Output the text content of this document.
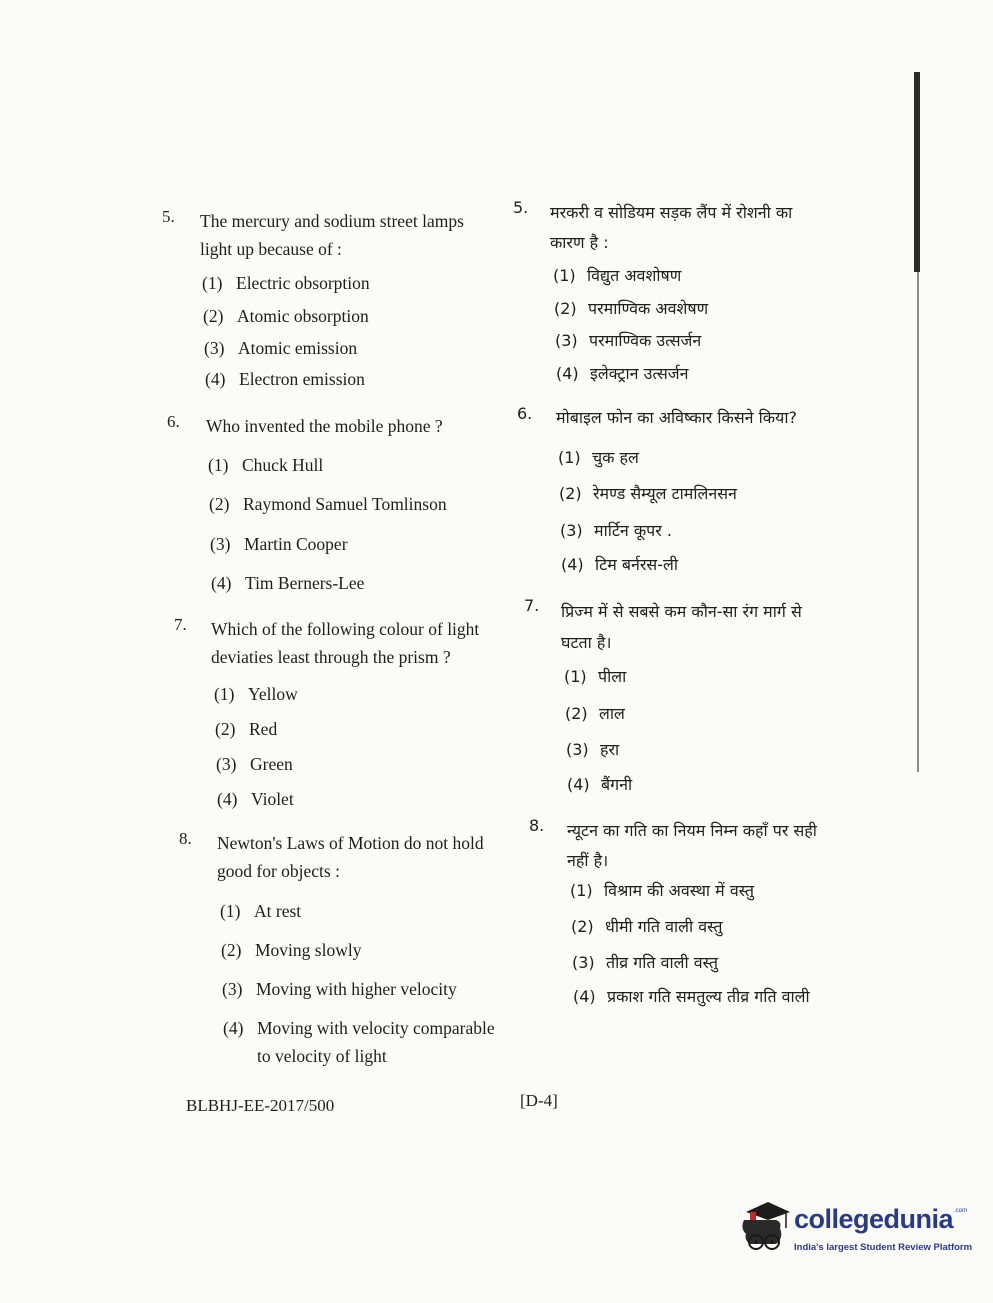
5. The mercury and sodium street lamps
light up because of :
(1) Electric obsorption
(2) Atomic obsorption
(3) Atomic emission
(4) Electron emission
6. Who invented the mobile phone ?
(1) Chuck Hull
(2) Raymond Samuel Tomlinson
(3) Martin Cooper
(4) Tim Berners-Lee
7. Which of the following colour of light
deviaties least through the prism ?
(1) Yellow
(2) Red
(3) Green
(4) Violet
8. Newton's Laws of Motion do not hold
good for objects :
(1) At rest
(2) Moving slowly
(3) Moving with higher velocity
(4) Moving with velocity comparable
to velocity of light
5. मरकरी व सोडियम सड़क लैंप में रोशनी का
कारण है :
(1) विद्युत अवशोषण
(2) परमाण्विक अवशेषण
(3) परमाण्विक उत्सर्जन
(4) इलेक्ट्रान उत्सर्जन
6. मोबाइल फोन का अविष्कार किसने किया?
(1) चुक हल
(2) रेमण्ड सैम्यूल टामलिनसन
(3) मार्टिन कूपर .
(4) टिम बर्नरस-ली
7. प्रिज्म में से सबसे कम कौन-सा रंग मार्ग से
घटता है।
(1) पीला
(2) लाल
(3) हरा
(4) बैंगनी
8. न्यूटन का गति का नियम निम्न कहाँ पर सही
नहीं है।
(1) विश्राम की अवस्था में वस्तु
(2) धीमी गति वाली वस्तु
(3) तीव्र गति वाली वस्तु
(4) प्रकाश गति समतुल्य तीव्र गति वाली
BLBHJ-EE-2017/500	[D-4]
collegedunia .com
India's largest Student Review Platform
